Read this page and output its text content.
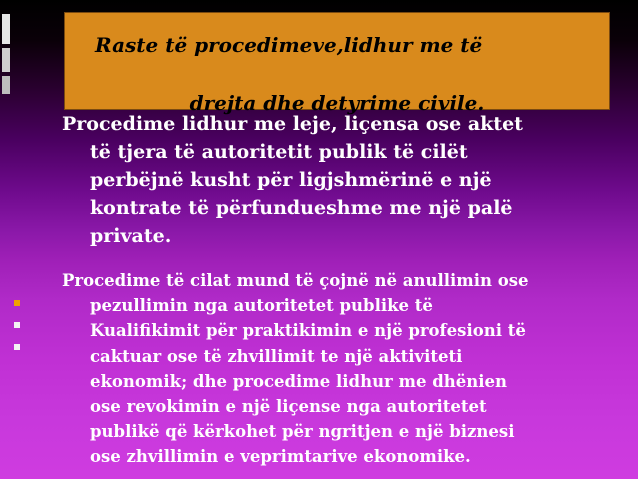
Raste të procedimeve,lidhur me të
drejta dhe detyrime civile.
Procedime lidhur me leje, liçensa ose aktet
të tjera të autoritetit publik të cilët
perbëjnë kusht për ligjshmërinë e një
kontrate të përfundueshme me një palë
private.
Procedime të cilat mund të çojnë në anullimin ose
pezullimin nga autoritetet publike të
Kualifikimit për praktikimin e një profesioni të
caktuar ose të zhvillimit te një aktiviteti
ekonomik; dhe procedime lidhur me dhënien
ose revokimin e një liçense nga autoritetet
publikë që kërkohet për ngritjen e një biznesi
ose zhvillimin e veprimtarive ekonomike.
